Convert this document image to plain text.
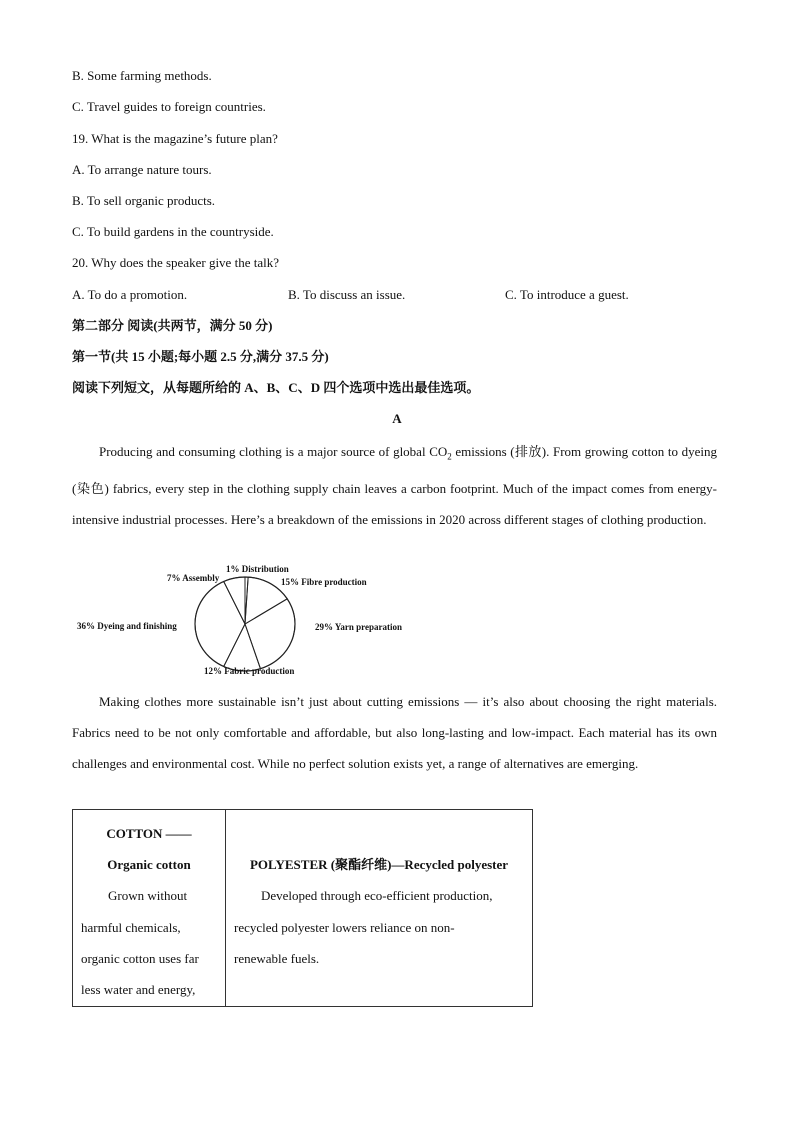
B. Some farming methods.
C. Travel guides to foreign countries.
19. What is the magazine’s future plan?
A. To arrange nature tours.
B. To sell organic products.
C. To build gardens in the countryside.
20. Why does the speaker give the talk?
A. To do a promotion.	B. To discuss an issue.	C. To introduce a guest.
第二部分 阅读(共两节，满分 50 分)
第一节(共 15 小题;每小题 2.5 分,满分 37.5 分)
阅读下列短文，从每题所给的 A、B、C、D 四个选项中选出最佳选项。
A
Producing and consuming clothing is a major source of global $CO_2$ emissions (排放). From growing cotton to dyeing (染色) fabrics, every step in the clothing supply chain leaves a carbon footprint. Much of the impact comes from energy-intensive industrial processes. Here’s a breakdown of the emissions in 2020 across different stages of clothing production.
1% Distribution
15% Fibre production
29% Yarn preparation
12% Fabric production
36% Dyeing and finishing
7% Assembly
Making clothes more sustainable isn’t just about cutting emissions — it’s also about choosing the right materials. Fabrics need to be not only comfortable and affordable, but also long-lasting and low-impact. Each material has its own challenges and environmental cost. While no perfect solution exists yet, a range of alternatives are emerging.
COTTON ——
Organic cotton
Grown without
harmful chemicals,
organic cotton uses far
less water and energy,

POLYESTER (聚酯纤维)—Recycled polyester
Developed through eco-efficient production,
recycled polyester lowers reliance on non-
renewable fuels.
